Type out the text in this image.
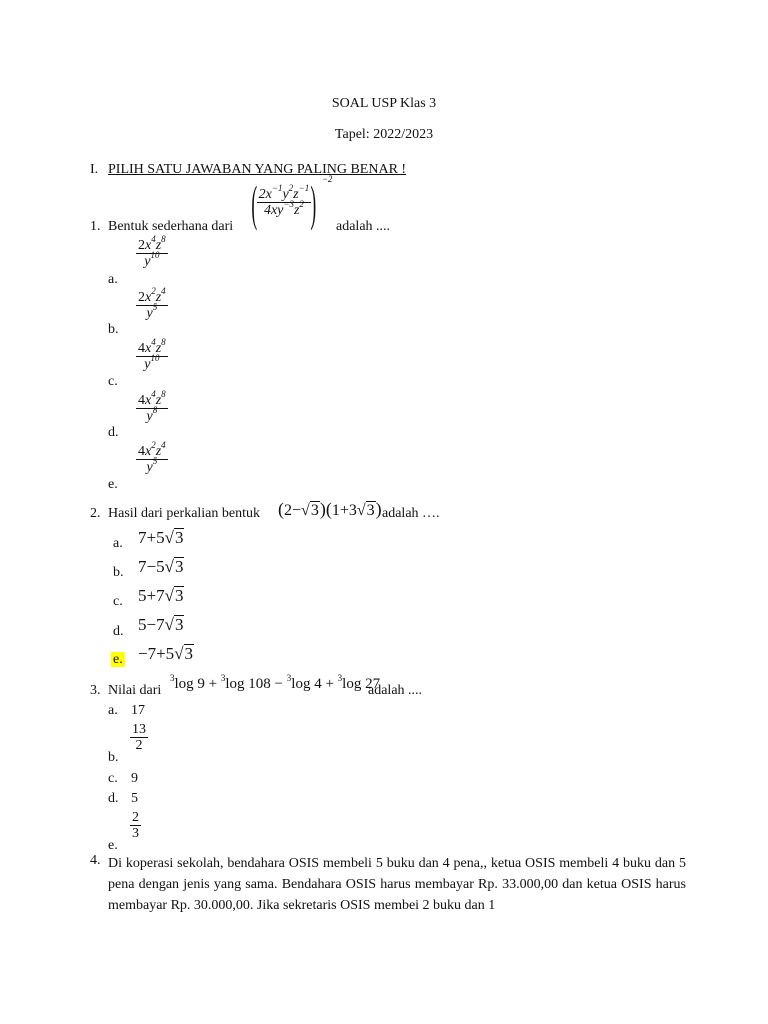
SOAL USP Klas 3
Tapel: 2022/2023
I. PILIH SATU JAWABAN YANG PALING BENAR !
1. Bentuk sederhana dari ( $\frac{2x^{-1}y^2z^{-1}}{4xy^{-3}z^2}$ ) $^{-2}$
adalah ....
a.
$\frac{2x^4z^8}{y^{10}}$
b.
$\frac{2x^2z^4}{y^5}$
c.
$\frac{4x^4z^8}{y^{10}}$
d.
$\frac{4x^4z^8}{y^8}$
e.
$\frac{4x^2z^4}{y^5}$
2. Hasil dari perkalian bentuk (2−√3)(1+3√3) adalah ….
a. 7+5√3
b. 7−5√3
c. 5+7√3
d. 5−7√3
e. −7+5√3
3. Nilai dari
$^3$log 9 + $^3$log 108 − $^3$log 4 + $^3$log 27
adalah ....
a. 17
b.
$\frac{13}{2}$
c. 9
d. 5
e.
$\frac{2}{3}$
4. Di koperasi sekolah, bendahara OSIS membeli 5 buku dan 4 pena,, ketua OSIS membeli 4 buku dan 5 pena dengan jenis yang sama. Bendahara OSIS harus membayar Rp. 33.000,00 dan ketua OSIS harus membayar Rp. 30.000,00. Jika sekretaris OSIS membei 2 buku dan 1
